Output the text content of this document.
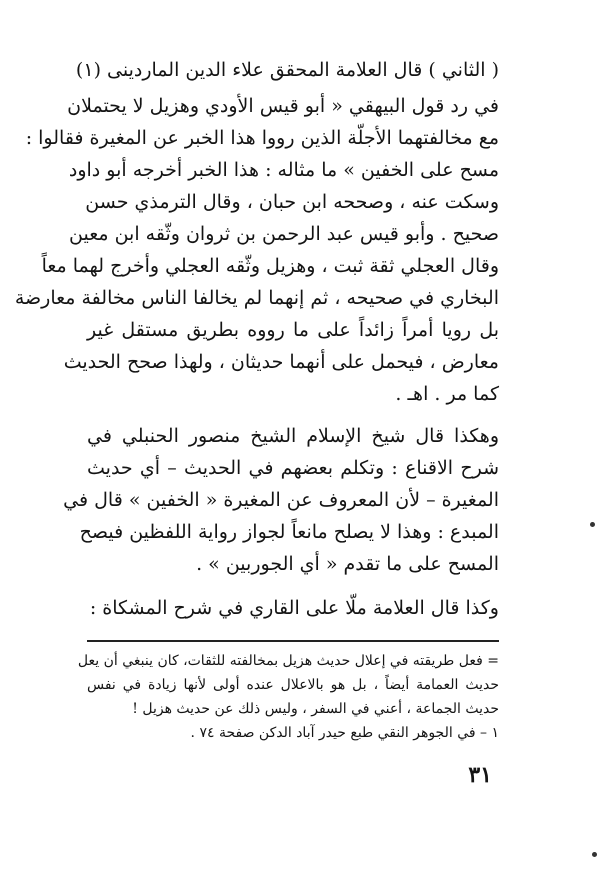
( الثاني ) قال العلامة المحقق علاء الدين الماردينى (١)
في رد قول البيهقي « أبو قيس الأودي وهزيل لا يحتملان
مع مخالفتهما الأجلّة الذين رووا هذا الخبر عن المغيرة فقالوا :
مسح على الخفين » ما مثاله : هذا الخبر أخرجه أبو داود
وسكت عنه ، وصححه ابن حبان ، وقال الترمذي حسن
صحيح . وأبو قيس عبد الرحمن بن ثروان وثّقه ابن معين
وقال العجلي ثقة ثبت ، وهزيل وثّقه العجلي وأخرج لهما معاً
البخاري في صحيحه ، ثم إنهما لم يخالفا الناس مخالفة معارضة
بل رويا أمراً زائداً على ما رووه بطريق مستقل غير
معارض ، فيحمل على أنهما حديثان ، ولهذا صحح الحديث
كما مر . اهـ .
وهكذا قال شيخ الإسلام الشيخ منصور الحنبلي في
شرح الاقناع : وتكلم بعضهم في الحديث – أي حديث
المغيرة – لأن المعروف عن المغيرة « الخفين » قال في
المبدع : وهذا لا يصلح مانعاً لجواز رواية اللفظين فيصح
المسح على ما تقدم « أي الجوربين » .
وكذا قال العلامة ملّا على القاري في شرح المشكاة :
= فعل طريقته في إعلال حديث هزيل بمخالفته للثقات، كان ينبغي أن يعل
حديث العمامة أيضاً ، بل هو بالاعلال عنده أولى لأنها زيادة في نفس
حديث الجماعة ، أعني في السفر ، وليس ذلك عن حديث هزيل !
١ – في الجوهر النقي طبع حيدر آباد الدكن صفحة ٧٤ .
٣١
